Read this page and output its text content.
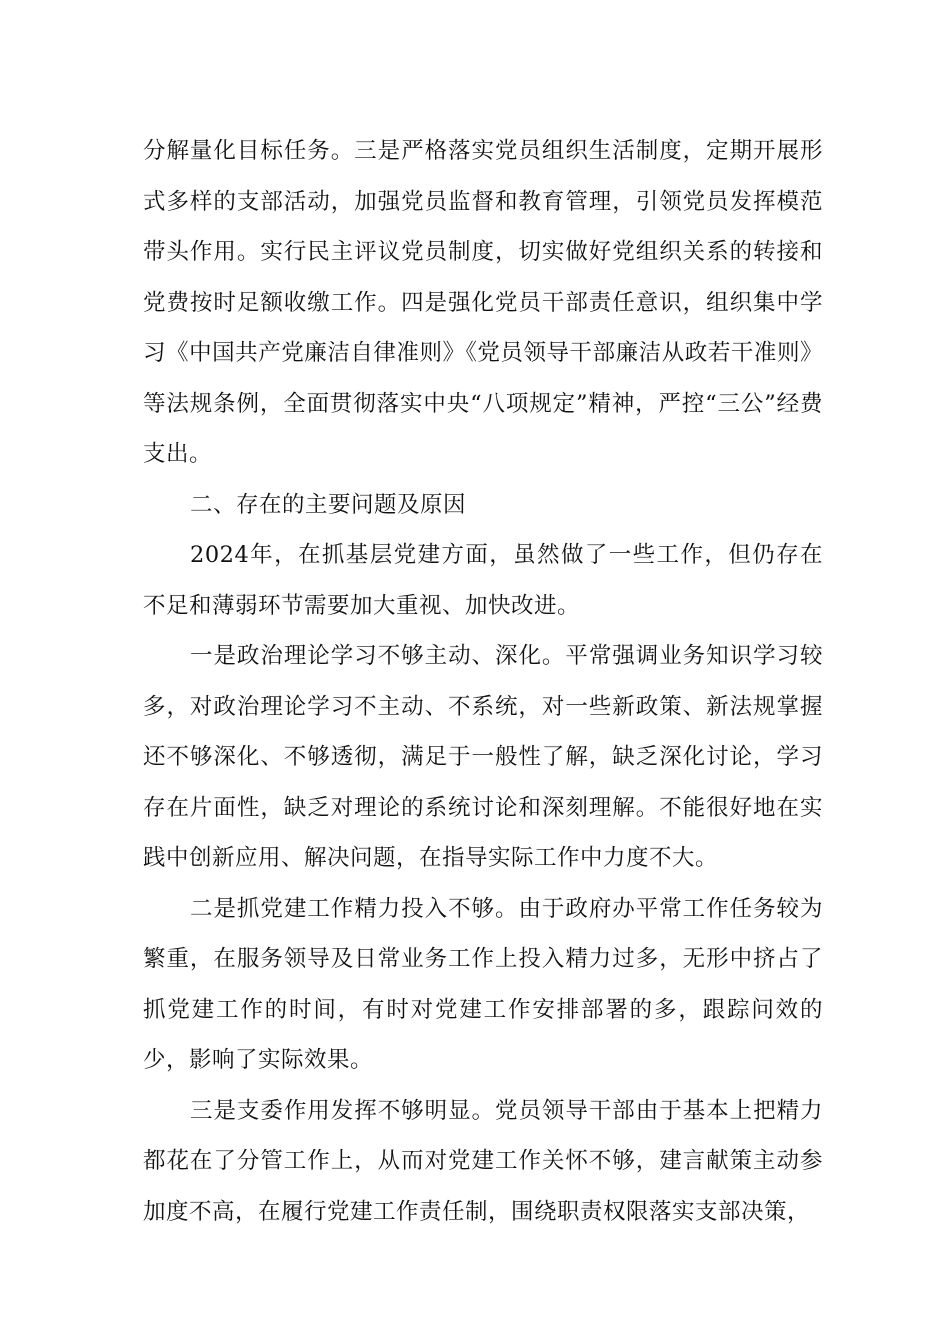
分解量化目标任务。三是严格落实党员组织生活制度，定期开展形式多样的支部活动，加强党员监督和教育管理，引领党员发挥模范带头作用。实行民主评议党员制度，切实做好党组织关系的转接和党费按时足额收缴工作。四是强化党员干部责任意识，组织集中学习《中国共产党廉洁自律准则》《党员领导干部廉洁从政若干准则》等法规条例，全面贯彻落实中央“八项规定”精神，严控“三公”经费支出。

二、存在的主要问题及原因

2024年，在抓基层党建方面，虽然做了一些工作，但仍存在不足和薄弱环节需要加大重视、加快改进。

一是政治理论学习不够主动、深化。平常强调业务知识学习较多，对政治理论学习不主动、不系统，对一些新政策、新法规掌握还不够深化、不够透彻，满足于一般性了解，缺乏深化讨论，学习存在片面性，缺乏对理论的系统讨论和深刻理解。不能很好地在实践中创新应用、解决问题，在指导实际工作中力度不大。

二是抓党建工作精力投入不够。由于政府办平常工作任务较为繁重，在服务领导及日常业务工作上投入精力过多，无形中挤占了抓党建工作的时间，有时对党建工作安排部署的多，跟踪问效的少，影响了实际效果。

三是支委作用发挥不够明显。党员领导干部由于基本上把精力都花在了分管工作上，从而对党建工作关怀不够，建言献策主动参加度不高，在履行党建工作责任制，围绕职责权限落实支部决策，
